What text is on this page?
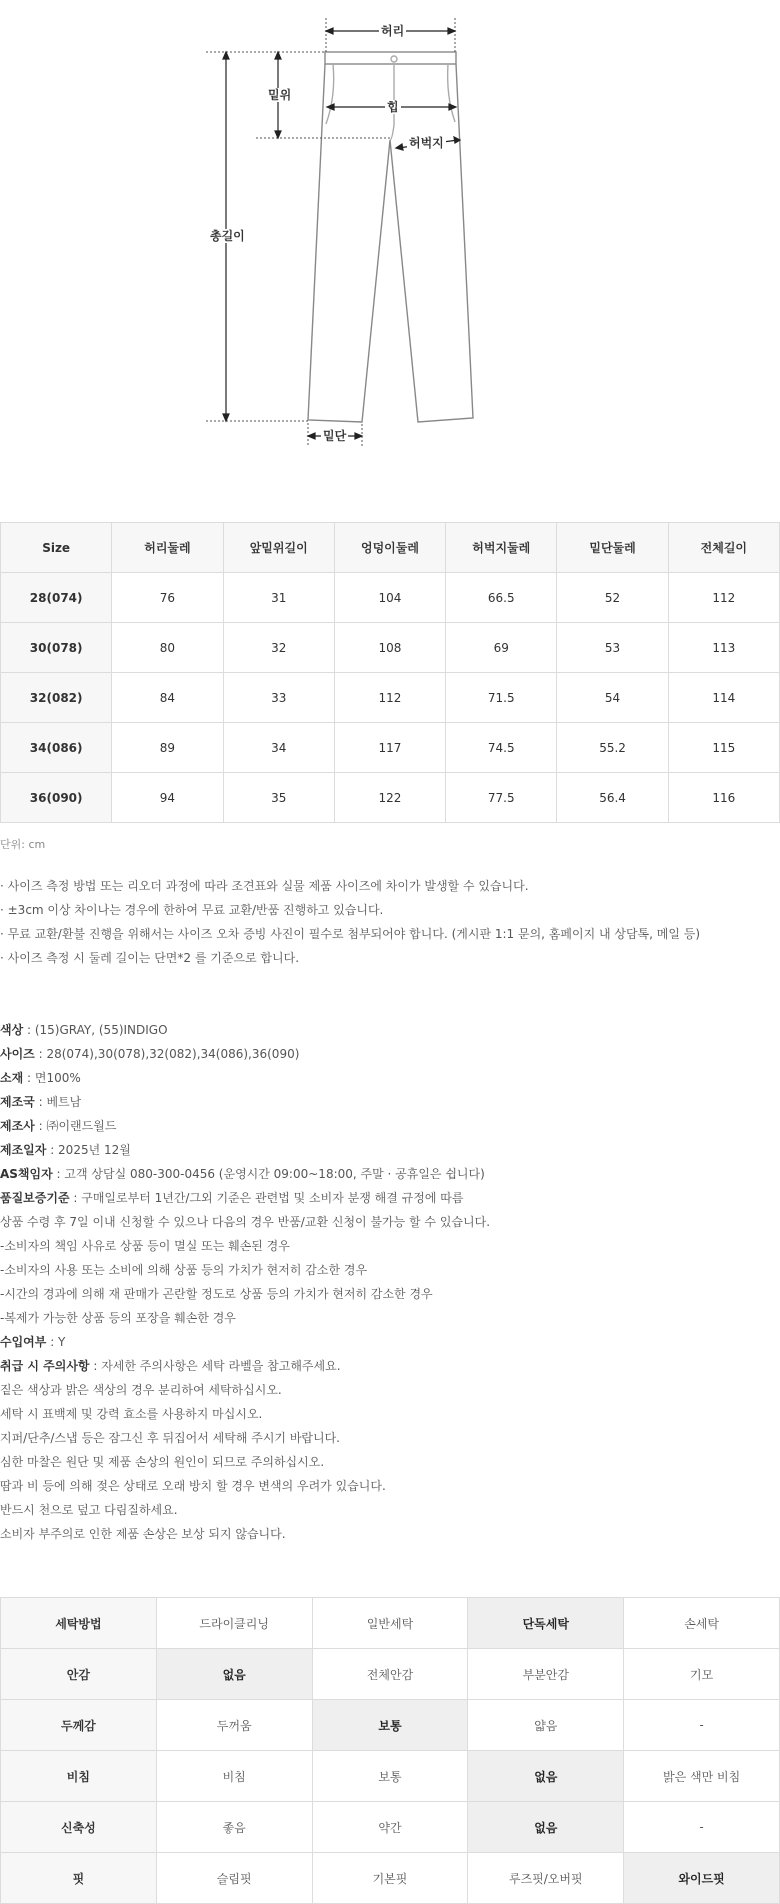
허리
밑위
힙
허벅지
총길이
밑단
Size	허리둘레	앞밑위길이	엉덩이둘레	허벅지둘레	밑단둘레	전체길이
28(074)	76	31	104	66.5	52	112
30(078)	80	32	108	69	53	113
32(082)	84	33	112	71.5	54	114
34(086)	89	34	117	74.5	55.2	115
36(090)	94	35	122	77.5	56.4	116
단위: cm
· 사이즈 측정 방법 또는 리오더 과정에 따라 조견표와 실물 제품 사이즈에 차이가 발생할 수 있습니다.
· ±3cm 이상 차이나는 경우에 한하여 무료 교환/반품 진행하고 있습니다.
· 무료 교환/환불 진행을 위해서는 사이즈 오차 증빙 사진이 필수로 첨부되어야 합니다. (게시판 1:1 문의, 홈페이지 내 상담톡, 메일 등)
· 사이즈 측정 시 둘레 길이는 단면*2 를 기준으로 합니다.
색상 : (15)GRAY, (55)INDIGO
사이즈 : 28(074),30(078),32(082),34(086),36(090)
소재 : 면100%
제조국 : 베트남
제조사 : ㈜이랜드월드
제조일자 : 2025년 12월
AS책임자 : 고객 상담실 080-300-0456 (운영시간 09:00~18:00, 주말 · 공휴일은 쉽니다)
품질보증기준 : 구매일로부터 1년간/그외 기준은 관련법 및 소비자 분쟁 해결 규정에 따름
상품 수령 후 7일 이내 신청할 수 있으나 다음의 경우 반품/교환 신청이 불가능 할 수 있습니다.
-소비자의 책임 사유로 상품 등이 멸실 또는 훼손된 경우
-소비자의 사용 또는 소비에 의해 상품 등의 가치가 현저히 감소한 경우
-시간의 경과에 의해 재 판매가 곤란할 정도로 상품 등의 가치가 현저히 감소한 경우
-복제가 가능한 상품 등의 포장을 훼손한 경우
수입여부 : Y
취급 시 주의사항 : 자세한 주의사항은 세탁 라벨을 참고해주세요.
짙은 색상과 밝은 색상의 경우 분리하여 세탁하십시오.
세탁 시 표백제 및 강력 효소를 사용하지 마십시오.
지퍼/단추/스냅 등은 잠그신 후 뒤집어서 세탁해 주시기 바랍니다.
심한 마찰은 원단 및 제품 손상의 원인이 되므로 주의하십시오.
땀과 비 등에 의해 젖은 상태로 오래 방치 할 경우 변색의 우려가 있습니다.
반드시 천으로 덮고 다림질하세요.
소비자 부주의로 인한 제품 손상은 보상 되지 않습니다.
세탁방법	드라이클리닝	일반세탁	단독세탁	손세탁
안감	없음	전체안감	부분안감	기모
두께감	두꺼움	보통	얇음	-
비침	비침	보통	없음	밝은 색만 비침
신축성	좋음	약간	없음	-
핏	슬림핏	기본핏	루즈핏/오버핏	와이드핏
